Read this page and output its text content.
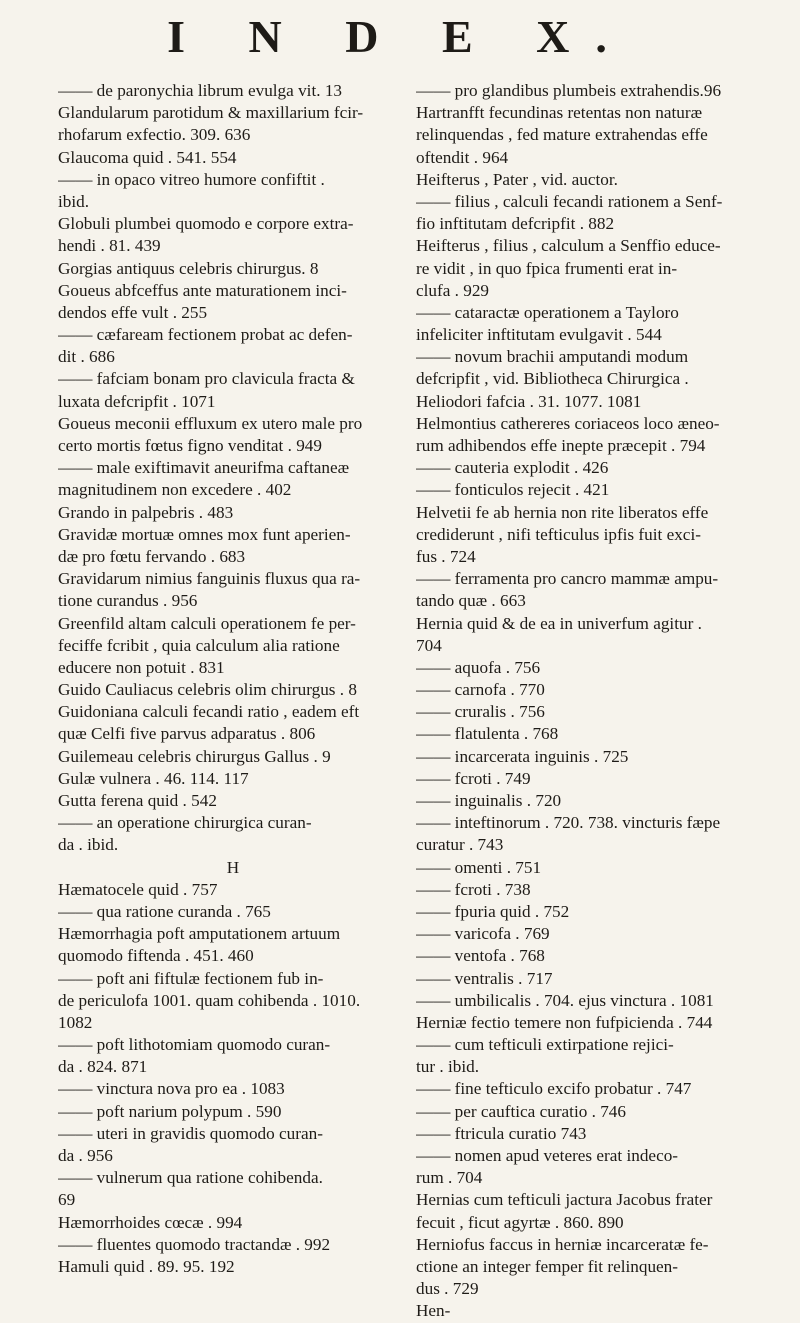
I N D E X.
—— de paronychia librum evulga vit. 13
Glandularum parotidum & maxillarium fcir-
rhofarum exfectio. 309. 636
Glaucoma quid . 541. 554
—— in opaco vitreo humore confiftit .
ibid.
Globuli plumbei quomodo e corpore extra-
hendi . 81. 439
Gorgias antiquus celebris chirurgus. 8
Goueus abfceffus ante maturationem inci-
dendos effe vult . 255
—— cæfaream fectionem probat ac defen-
dit . 686
—— fafciam bonam pro clavicula fracta &
luxata defcripfit . 1071
Goueus meconii effluxum ex utero male pro
certo mortis fœtus figno venditat . 949
—— male exiftimavit aneurifma caftaneæ
magnitudinem non excedere . 402
Grando in palpebris . 483
Gravidæ mortuæ omnes mox funt aperien-
dæ pro fœtu fervando . 683
Gravidarum nimius fanguinis fluxus qua ra-
tione curandus . 956
Greenfild altam calculi operationem fe per-
feciffe fcribit , quia calculum alia ratione
educere non potuit . 831
Guido Cauliacus celebris olim chirurgus . 8
Guidoniana calculi fecandi ratio , eadem eft
quæ Celfi five parvus adparatus . 806
Guilemeau celebris chirurgus Gallus . 9
Gulæ vulnera . 46. 114. 117
Gutta ferena quid . 542
—— an operatione chirurgica curan-
da . ibid.
H
Hæmatocele quid . 757
—— qua ratione curanda . 765
Hæmorrhagia poft amputationem artuum
quomodo fiftenda . 451. 460
—— poft ani fiftulæ fectionem fub in-
de periculofa 1001. quam cohibenda . 1010.
1082
—— poft lithotomiam quomodo curan-
da . 824. 871
—— vinctura nova pro ea . 1083
—— poft narium polypum . 590
—— uteri in gravidis quomodo curan-
da . 956
—— vulnerum qua ratione cohibenda.
69
Hæmorrhoides cœcæ . 994
—— fluentes quomodo tractandæ . 992
Hamuli quid . 89. 95. 192
—— pro glandibus plumbeis extrahendis.96
Hartranfft fecundinas retentas non naturæ
relinquendas , fed mature extrahendas effe
oftendit . 964
Heifterus , Pater , vid. auctor.
—— filius , calculi fecandi rationem a Senf-
fio inftitutam defcripfit . 882
Heifterus , filius , calculum a Senffio educe-
re vidit , in quo fpica frumenti erat in-
clufa . 929
—— cataractæ operationem a Tayloro
infeliciter inftitutam evulgavit . 544
—— novum brachii amputandi modum
defcripfit , vid. Bibliotheca Chirurgica .
Heliodori fafcia . 31. 1077. 1081
Helmontius cathereres coriaceos loco æneo-
rum adhibendos effe inepte præcepit . 794
—— cauteria explodit . 426
—— fonticulos rejecit . 421
Helvetii fe ab hernia non rite liberatos effe
crediderunt , nifi tefticulus ipfis fuit exci-
fus . 724
—— ferramenta pro cancro mammæ ampu-
tando quæ . 663
Hernia quid & de ea in univerfum agitur .
704
—— aquofa . 756
—— carnofa . 770
—— cruralis . 756
—— flatulenta . 768
—— incarcerata inguinis . 725
—— fcroti . 749
—— inguinalis . 720
—— inteftinorum . 720. 738. vincturis fæpe
curatur . 743
—— omenti . 751
—— fcroti . 738
—— fpuria quid . 752
—— varicofa . 769
—— ventofa . 768
—— ventralis . 717
—— umbilicalis . 704. ejus vinctura . 1081
Herniæ fectio temere non fufpicienda . 744
—— cum tefticuli extirpatione rejici-
tur . ibid.
—— fine tefticulo excifo probatur . 747
—— per cauftica curatio . 746
—— ftricula curatio 743
—— nomen apud veteres erat indeco-
rum . 704
Hernias cum tefticuli jactura Jacobus frater
fecuit , ficut agyrtæ . 860. 890
Herniofus faccus in herniæ incarceratæ fe-
ctione an integer femper fit relinquen-
dus . 729
Hen-
